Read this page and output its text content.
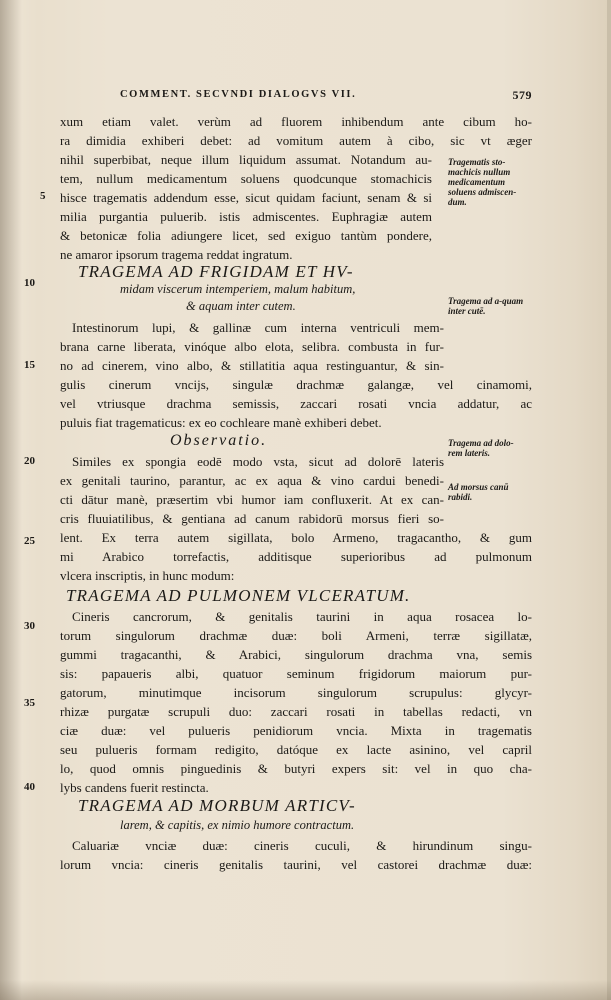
COMMENT. SECVNDI DIALOGVS VII.	579
xum etiam valet. verùm ad fluorem inhibendum ante cibum ho-
ra dimidia exhiberi debet: ad vomitum autem à cibo, sic vt æger
nihil superbibat, neque illum liquidum assumat. Notandum au-
tem, nullum medicamentum soluens quodcunque stomachicis
hisce tragematis addendum esse, sicut quidam faciunt, senam & si
milia purgantia puluerib. istis admiscentes. Euphragiæ autem
& betonicæ folia adiungere licet, sed exiguo tantùm pondere,
ne amaror ipsorum tragema reddat ingratum.
TRAGEMA AD FRIGIDAM ET HV-
midam viscerum intemperiem, malum habitum,
& aquam inter cutem.
Intestinorum lupi, & gallinæ cum interna ventriculi mem-
brana carne liberata, vinóque albo elota, selibra. combusta in fur-
no ad cinerem, vino albo, & stillatitia aqua restinguantur, & sin-
gulis cinerum vncijs, singulæ drachmæ galangæ, vel cinamomi,
vel vtriusque drachma semissis, zaccari rosati vncia addatur, ac
puluis fiat tragematicus: ex eo cochleare manè exhiberi debet.
Observatio.
Similes ex spongia eodē modo vsta, sicut ad dolorē lateris
ex genitali taurino, parantur, ac ex aqua & vino cardui benedi-
cti dātur manè, præsertim vbi humor iam confluxerit. At ex can-
cris fluuiatilibus, & gentiana ad canum rabidorū morsus fieri so-
lent. Ex terra autem sigillata, bolo Armeno, tragacantho, & gum
mi Arabico torrefactis, additisque superioribus ad pulmonum
vlcera inscriptis, in hunc modum:
TRAGEMA AD PULMONEM VLCERATUM.
Cineris cancrorum, & genitalis taurini in aqua rosacea lo-
torum singulorum drachmæ duæ: boli Armeni, terræ sigillatæ,
gummi tragacanthi, & Arabici, singulorum drachma vna, semis
sis: papaueris albi, quatuor seminum frigidorum maiorum pur-
gatorum, minutimque incisorum singulorum scrupulus: glycyr-
rhizæ purgatæ scrupuli duo: zaccari rosati in tabellas redacti, vn
ciæ duæ: vel pulueris penidiorum vncia. Mixta in tragematis
seu pulueris formam redigito, datóque ex lacte asinino, vel capril
lo, quod omnis pinguedinis & butyri expers sit: vel in quo cha-
lybs candens fuerit restincta.
TRAGEMA AD MORBUM ARTICV-
larem, & capitis, ex nimio humore contractum.
Caluariæ vnciæ duæ: cineris cuculi, & hirundinum singu-
lorum vncia: cineris genitalis taurini, vel castorei drachmæ duæ:
5
10
15
20
25
30
35
40
Tragematis sto-machicis nullum medicamentum soluens admiscen-dum.
Tragema ad a-quam inter cutē.
Tragema ad dolo-rem lateris.
Ad morsus canū rabidi.
